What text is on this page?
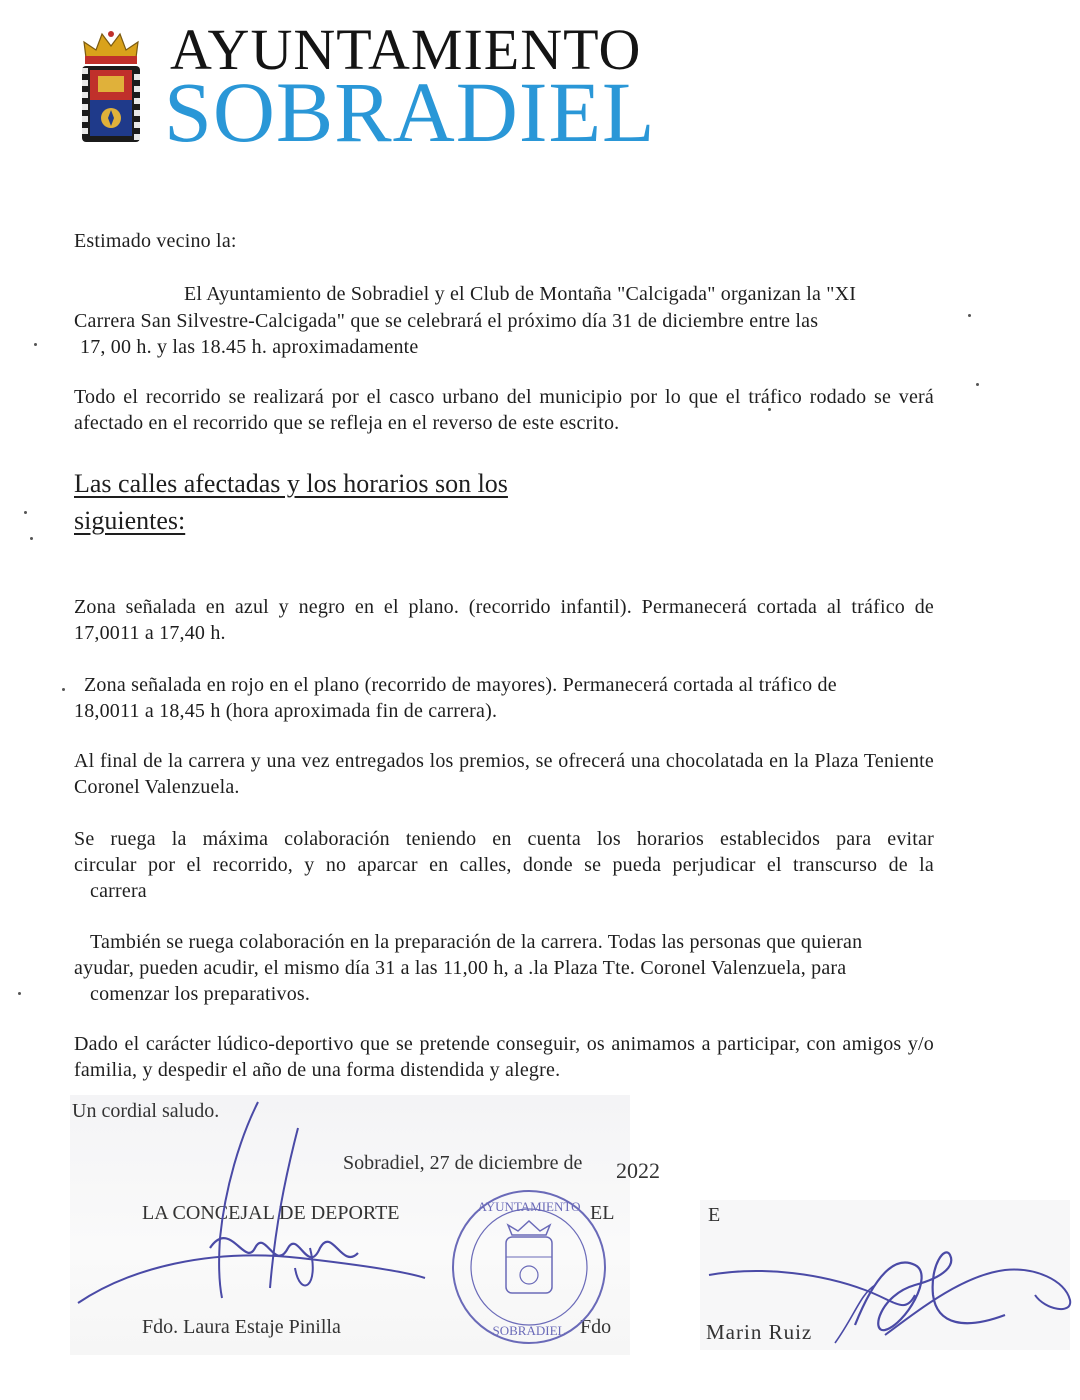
AYUNTAMIENTO
SOBRADIEL
Estimado vecino la:
El Ayuntamiento de Sobradiel y el Club de Montaña "Calcigada" organizan la "XI
Carrera San Silvestre-Calcigada" que se celebrará el próximo día 31 de diciembre entre las
17, 00 h. y las 18.45 h. aproximadamente
Todo el recorrido se realizará por el casco urbano del municipio por lo que el tráfico rodado se verá afectado en el recorrido que se refleja en el reverso de este escrito.
Las calles afectadas y los horarios son los
siguientes:
Zona señalada en azul y negro en el plano. (recorrido infantil). Permanecerá cortada al tráfico de 17,0011 a 17,40 h.
Zona señalada en rojo en el plano (recorrido de mayores). Permanecerá cortada al tráfico de
18,0011 a 18,45 h (hora aproximada fin de carrera).
Al final de la carrera y una vez entregados los premios, se ofrecerá una chocolatada en la Plaza Teniente Coronel Valenzuela.
Se ruega la máxima colaboración teniendo en cuenta los horarios establecidos para evitar
circular por el recorrido, y no aparcar en calles, donde se pueda perjudicar el transcurso de la
carrera
También se ruega colaboración en la preparación de la carrera. Todas las personas que quieran
ayudar, pueden acudir, el mismo día 31 a las 11,00 h, a .la Plaza Tte. Coronel Valenzuela, para
comenzar los preparativos.
Dado el carácter lúdico-deportivo que se pretende conseguir, os animamos a participar, con amigos y/o familia, y despedir el año de una forma distendida y alegre.
Un cordial saludo.
Sobradiel, 27 de diciembre de 2022
LA CONCEJAL DE DEPORTE	EL	E
Fdo. Laura Estaje Pinilla	Fdo	Marin Ruiz
AYUNTAMIENTO
SOBRADIEL
